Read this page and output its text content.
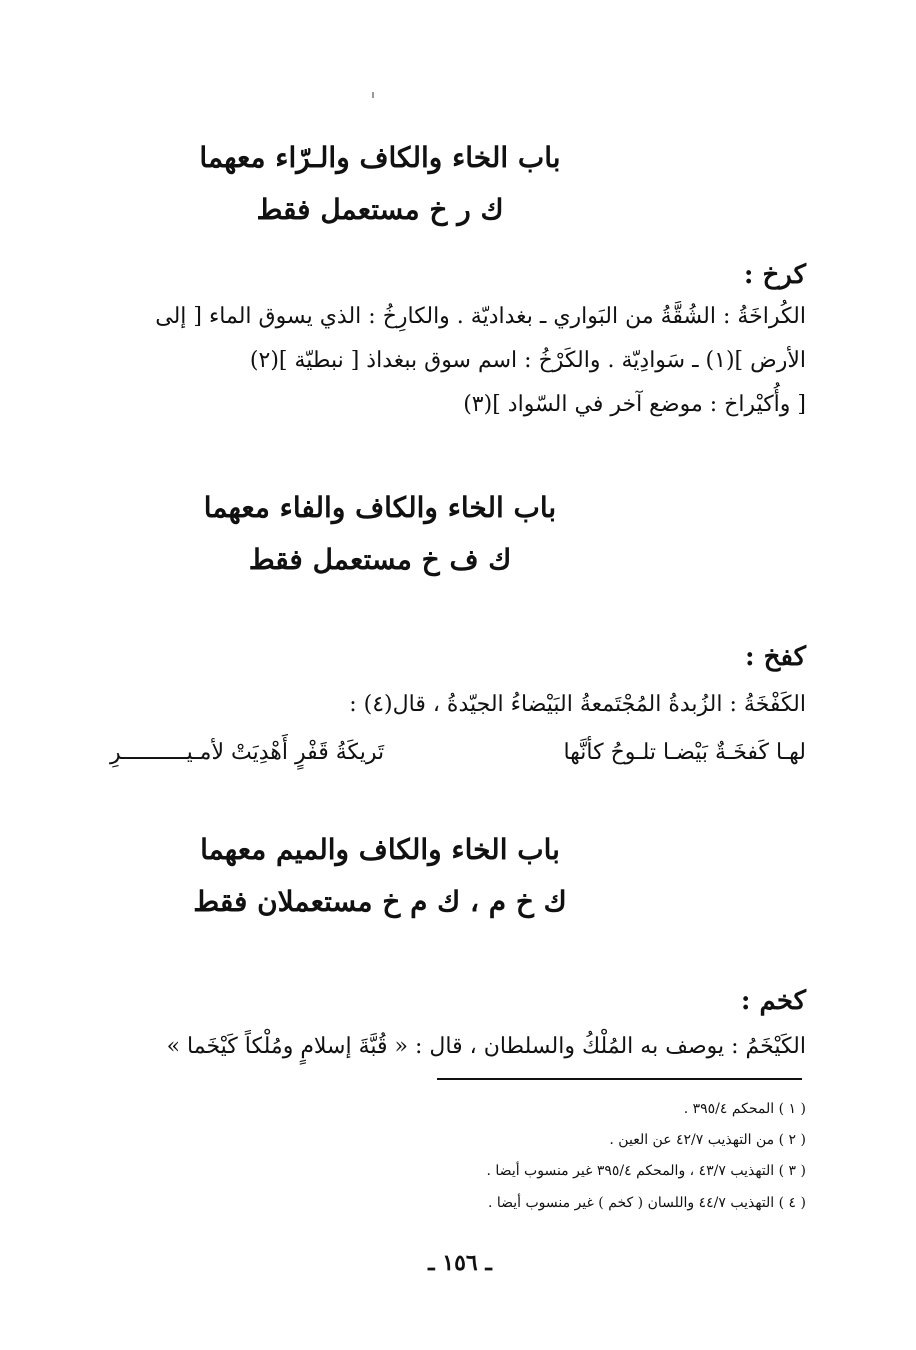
باب الخاء والكاف والـرّاء معهما
ك ر خ مستعمل فقط
كرخ :
الكُراخَةُ : الشُقَّةُ من البَواري ـ بغداديّة . والكارِخُ : الذي يسوق الماء [ إلى
الأرض ](١) ـ سَوادِيّة . والكَرْخُ : اسم سوق ببغداذ [ نبطيّة ](٢)
[ وأُكيْراخ : موضع آخر في السّواد ](٣)
باب الخاء والكاف والفاء معهما
ك ف خ مستعمل فقط
كفخ :
الكَفْخَةُ : الزُبدةُ المُجْتَمعةُ البَيْضاءُ الجيّدةُ ، قال(٤) :
لهـا كَفخَـةٌ بَيْضـا تلـوحُ كأنَّها
تَريكَةُ قَفْرٍ أَهْدِيَتْ لأمـيــــــــــرِ
باب الخاء والكاف والميم معهما
ك خ م ، ك م خ مستعملان فقط
كخم :
الكَيْخَمُ : يوصف به المُلْكُ والسلطان ، قال : « قُبَّةَ إسلامٍ ومُلْكاً كَيْخَما »
( ١ ) المحكم ٣٩٥/٤ .
( ٢ ) من التهذيب ٤٢/٧ عن العين .
( ٣ ) التهذيب ٤٣/٧ ، والمحكم ٣٩٥/٤ غير منسوب أيضا .
( ٤ ) التهذيب ٤٤/٧ واللسان ( كخم ) غير منسوب أيضا .
ـ ١٥٦ ـ
